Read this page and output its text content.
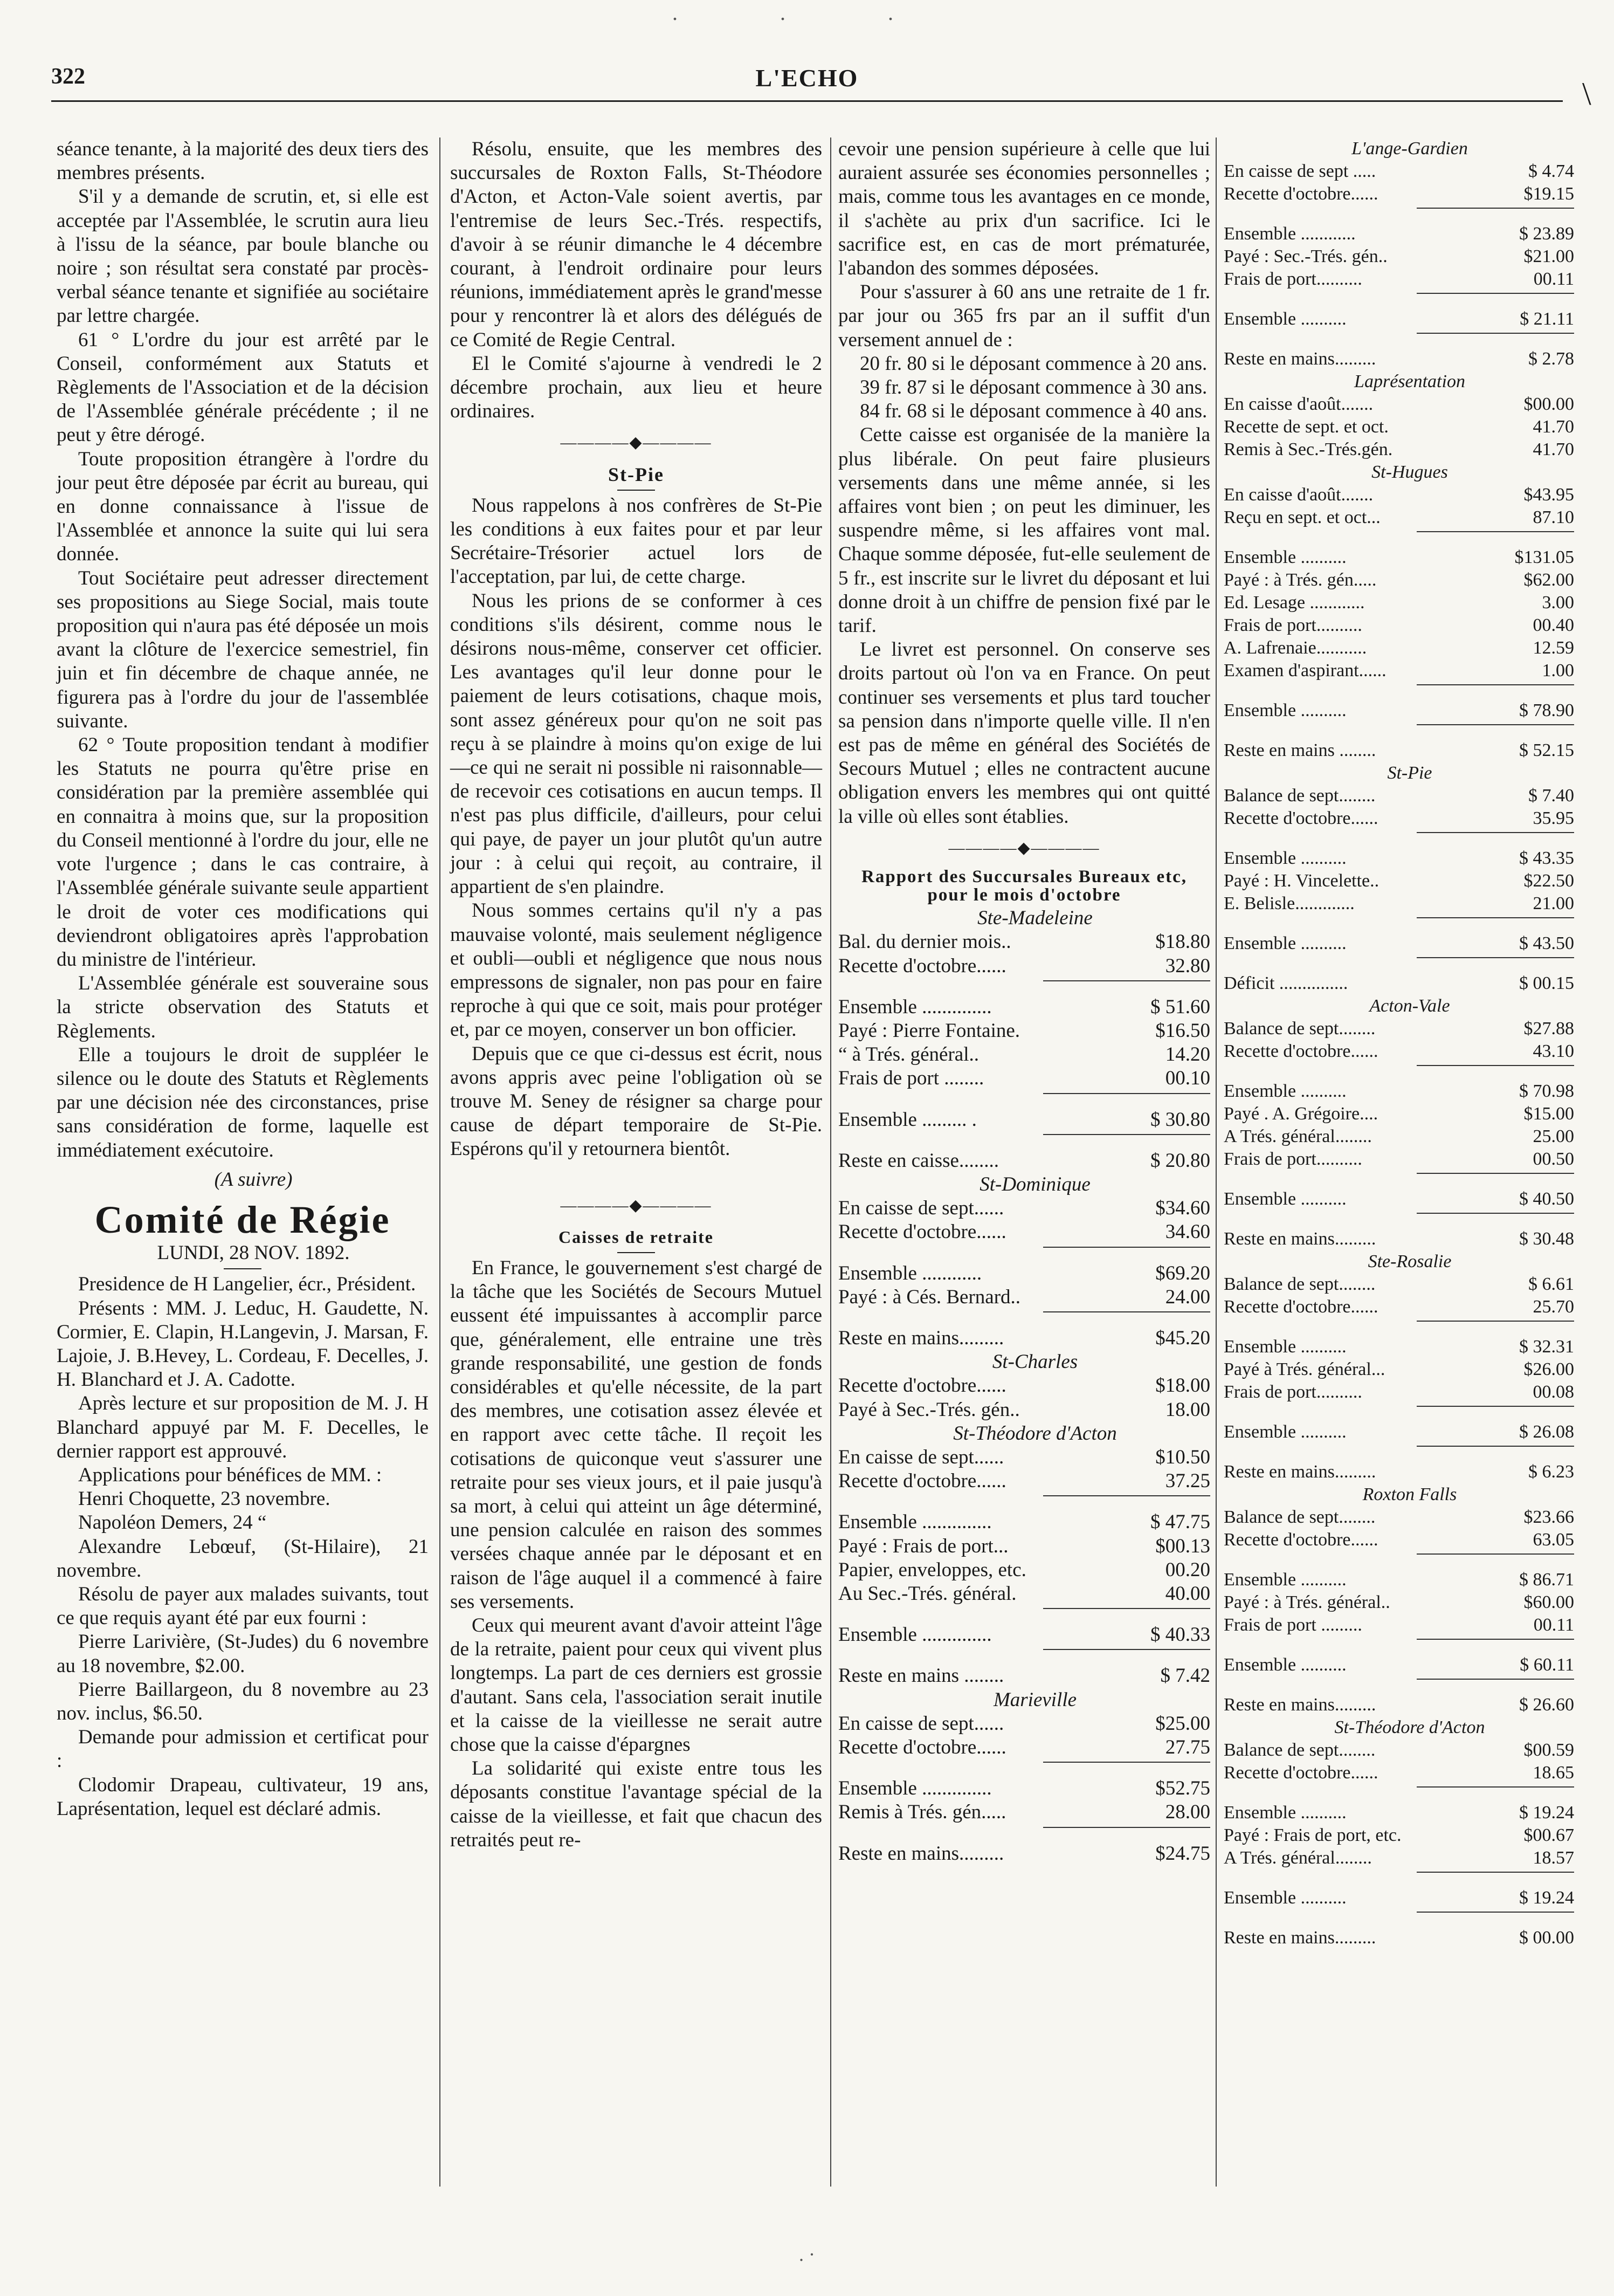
. . .
322	L'ECHO	\

séance tenante, à la majorité des deux tiers des membres présents.

S'il y a demande de scrutin, et, si elle est acceptée par l'Assemblée, le scrutin aura lieu à l'issu de la séance, par boule blanche ou noire ; son résultat sera constaté par procès-verbal séance tenante et signifiée au sociétaire par lettre chargée.

61 ° L'ordre du jour est arrêté par le Conseil, conformément aux Statuts et Règlements de l'Association et de la décision de l'Assemblée générale précédente ; il ne peut y être dérogé.

Toute proposition étrangère à l'ordre du jour peut être déposée par écrit au bureau, qui en donne connaissance à l'issue de l'Assemblée et annonce la suite qui lui sera donnée.

Tout Sociétaire peut adresser directement ses propositions au Siege Social, mais toute proposition qui n'aura pas été déposée un mois avant la clôture de l'exercice semestriel, fin juin et fin décembre de chaque année, ne figurera pas à l'ordre du jour de l'assemblée suivante.

62 ° Toute proposition tendant à modifier les Statuts ne pourra qu'être prise en considération par la première assemblée qui en connaitra à moins que, sur la proposition du Conseil mentionné à l'ordre du jour, elle ne vote l'urgence ; dans le cas contraire, à l'Assemblée générale suivante seule appartient le droit de voter ces modifications qui deviendront obligatoires après l'approbation du ministre de l'intérieur.

L'Assemblée générale est souveraine sous la stricte observation des Statuts et Règlements.

Elle a toujours le droit de suppléer le silence ou le doute des Statuts et Règlements par une décision née des circonstances, prise sans considération de forme, laquelle est immédiatement exécutoire.

(A suivre)

Comité de Régie

LUNDI, 28 NOV. 1892.

Presidence de H Langelier, écr., Président.

Présents : MM. J. Leduc, H. Gaudette, N. Cormier, E. Clapin, H.Langevin, J. Marsan, F. Lajoie, J. B.Hevey, L. Cordeau, F. Decelles, J. H. Blanchard et J. A. Cadotte.

Après lecture et sur proposition de M. J. H Blanchard appuyé par M. F. Decelles, le dernier rapport est approuvé.

Applications pour bénéfices de MM. :

Henri Choquette, 23 novembre.

Napoléon Demers, 24 “

Alexandre Lebœuf, (St-Hilaire), 21 novembre.

Résolu de payer aux malades suivants, tout ce que requis ayant été par eux fourni :

Pierre Larivière, (St-Judes) du 6 novembre au 18 novembre, $2.00.

Pierre Baillargeon, du 8 novembre au 23 nov. inclus, $6.50.

Demande pour admission et certificat pour :

Clodomir Drapeau, cultivateur, 19 ans, Laprésentation, lequel est déclaré admis.

Résolu, ensuite, que les membres des succursales de Roxton Falls, St-Théodore d'Acton, et Acton-Vale soient avertis, par l'entremise de leurs Sec.-Trés. respectifs, d'avoir à se réunir dimanche le 4 décembre courant, à l'endroit ordinaire pour leurs réunions, immédiatement après le grand'messe pour y rencontrer là et alors des délégués de ce Comité de Regie Central.

El le Comité s'ajourne à vendredi le 2 décembre prochain, aux lieu et heure ordinaires.

————◆————
St-Pie

Nous rappelons à nos confrères de St-Pie les conditions à eux faites pour et par leur Secrétaire-Trésorier actuel lors de l'acceptation, par lui, de cette charge.

Nous les prions de se conformer à ces conditions s'ils désirent, comme nous le désirons nous-même, conserver cet officier. Les avantages qu'il leur donne pour le paiement de leurs cotisations, chaque mois, sont assez généreux pour qu'on ne soit pas reçu à se plaindre à moins qu'on exige de lui—ce qui ne serait ni possible ni raisonnable—de recevoir ces cotisations en aucun temps. Il n'est pas plus difficile, d'ailleurs, pour celui qui paye, de payer un jour plutôt qu'un autre jour : à celui qui reçoit, au contraire, il appartient de s'en plaindre.

Nous sommes certains qu'il n'y a pas mauvaise volonté, mais seulement négligence et oubli—oubli et négligence que nous nous empressons de signaler, non pas pour en faire reproche à qui que ce soit, mais pour protéger et, par ce moyen, conserver un bon officier.

Depuis que ce que ci-dessus est écrit, nous avons appris avec peine l'obligation où se trouve M. Seney de résigner sa charge pour cause de départ temporaire de St-Pie. Espérons qu'il y retournera bientôt.

————◆————
Caisses de retraite

En France, le gouvernement s'est chargé de la tâche que les Sociétés de Secours Mutuel eussent été impuissantes à accomplir parce que, généralement, elle entraine une très grande responsabilité, une gestion de fonds considérables et qu'elle nécessite, de la part des membres, une cotisation assez élevée et en rapport avec cette tâche. Il reçoit les cotisations de quiconque veut s'assurer une retraite pour ses vieux jours, et il paie jusqu'à sa mort, à celui qui atteint un âge déterminé, une pension calculée en raison des sommes versées chaque année par le déposant et en raison de l'âge auquel il a commencé à faire ses versements.

Ceux qui meurent avant d'avoir atteint l'âge de la retraite, paient pour ceux qui vivent plus longtemps. La part de ces derniers est grossie d'autant. Sans cela, l'association serait inutile et la caisse de la vieillesse ne serait autre chose que la caisse d'épargnes

La solidarité qui existe entre tous les déposants constitue l'avantage spécial de la caisse de la vieillesse, et fait que chacun des retraités peut re-

cevoir une pension supérieure à celle que lui auraient assurée ses économies personnelles ; mais, comme tous les avantages en ce monde, il s'achète au prix d'un sacrifice. Ici le sacrifice est, en cas de mort prématurée, l'abandon des sommes déposées.

Pour s'assurer à 60 ans une retraite de 1 fr. par jour ou 365 frs par an il suffit d'un versement annuel de :

20 fr. 80 si le déposant commence à 20 ans.

39 fr. 87 si le déposant commence à 30 ans.

84 fr. 68 si le déposant commence à 40 ans.

Cette caisse est organisée de la manière la plus libérale. On peut faire plusieurs versements dans une même année, si les affaires vont bien ; on peut les diminuer, les suspendre même, si les affaires vont mal. Chaque somme déposée, fut-elle seulement de 5 fr., est inscrite sur le livret du déposant et lui donne droit à un chiffre de pension fixé par le tarif.

Le livret est personnel. On conserve ses droits partout où l'on va en France. On peut continuer ses versements et plus tard toucher sa pension dans n'importe quelle ville. Il n'en est pas de même en général des Sociétés de Secours Mutuel ; elles ne contractent aucune obligation envers les membres qui ont quitté la ville où elles sont établies.

————◆————
Rapport des Succursales Bureaux etc, pour le mois d'octobre

Ste-Madeleine

Bal. du dernier mois..	$18.80
Recette d'octobre......	32.80
Ensemble ..............	$ 51.60
Payé : Pierre Fontaine.	$16.50
“ à Trés. général..	14.20
Frais de port ........	00.10
Ensemble ......... .	$ 30.80
Reste en caisse........	$ 20.80

St-Dominique

En caisse de sept......	$34.60
Recette d'octobre......	34.60
Ensemble ............	$69.20
Payé : à Cés. Bernard..	24.00
Reste en mains.........	$45.20

St-Charles

Recette d'octobre......	$18.00
Payé à Sec.-Trés. gén..	18.00

St-Théodore d'Acton

En caisse de sept......	$10.50
Recette d'octobre......	37.25
Ensemble ..............	$ 47.75
Payé : Frais de port...	$00.13
Papier, enveloppes, etc.	00.20
Au Sec.-Trés. général.	40.00
Ensemble ..............	$ 40.33
Reste en mains ........	$ 7.42

Marieville

En caisse de sept......	$25.00
Recette d'octobre......	27.75
Ensemble ..............	$52.75
Remis à Trés. gén.....	28.00
Reste en mains.........	$24.75

L'ange-Gardien

En caisse de sept .....	$ 4.74
Recette d'octobre......	$19.15
Ensemble ............	$ 23.89
Payé : Sec.-Trés. gén..	$21.00
Frais de port..........	00.11
Ensemble ..........	$ 21.11
Reste en mains.........	$ 2.78

Laprésentation

En caisse d'août.......	$00.00
Recette de sept. et oct.	41.70
Remis à Sec.-Trés.gén.	41.70

St-Hugues

En caisse d'août.......	$43.95
Reçu en sept. et oct...	87.10
Ensemble ..........	$131.05
Payé : à Trés. gén.....	$62.00
Ed. Lesage ............	3.00
Frais de port..........	00.40
A. Lafrenaie...........	12.59
Examen d'aspirant......	1.00
Ensemble ..........	$ 78.90
Reste en mains ........	$ 52.15

St-Pie

Balance de sept........	$ 7.40
Recette d'octobre......	35.95
Ensemble ..........	$ 43.35
Payé : H. Vincelette..	$22.50
E. Belisle.............	21.00
Ensemble ..........	$ 43.50
Déficit ...............	$ 00.15

Acton-Vale

Balance de sept........	$27.88
Recette d'octobre......	43.10
Ensemble ..........	$ 70.98
Payé . A. Grégoire....	$15.00
A Trés. général........	25.00
Frais de port..........	00.50
Ensemble ..........	$ 40.50
Reste en mains.........	$ 30.48

Ste-Rosalie

Balance de sept........	$ 6.61
Recette d'octobre......	25.70
Ensemble ..........	$ 32.31
Payé à Trés. général...	$26.00
Frais de port..........	00.08
Ensemble ..........	$ 26.08
Reste en mains.........	$ 6.23

Roxton Falls

Balance de sept........	$23.66
Recette d'octobre......	63.05
Ensemble ..........	$ 86.71
Payé : à Trés. général..	$60.00
Frais de port .........	00.11
Ensemble ..........	$ 60.11
Reste en mains.........	$ 26.60

St-Théodore d'Acton

Balance de sept........	$00.59
Recette d'octobre......	18.65
Ensemble ..........	$ 19.24
Payé : Frais de port, etc.	$00.67
A Trés. général........	18.57
Ensemble ..........	$ 19.24
Reste en mains.........	$ 00.00
. ·
